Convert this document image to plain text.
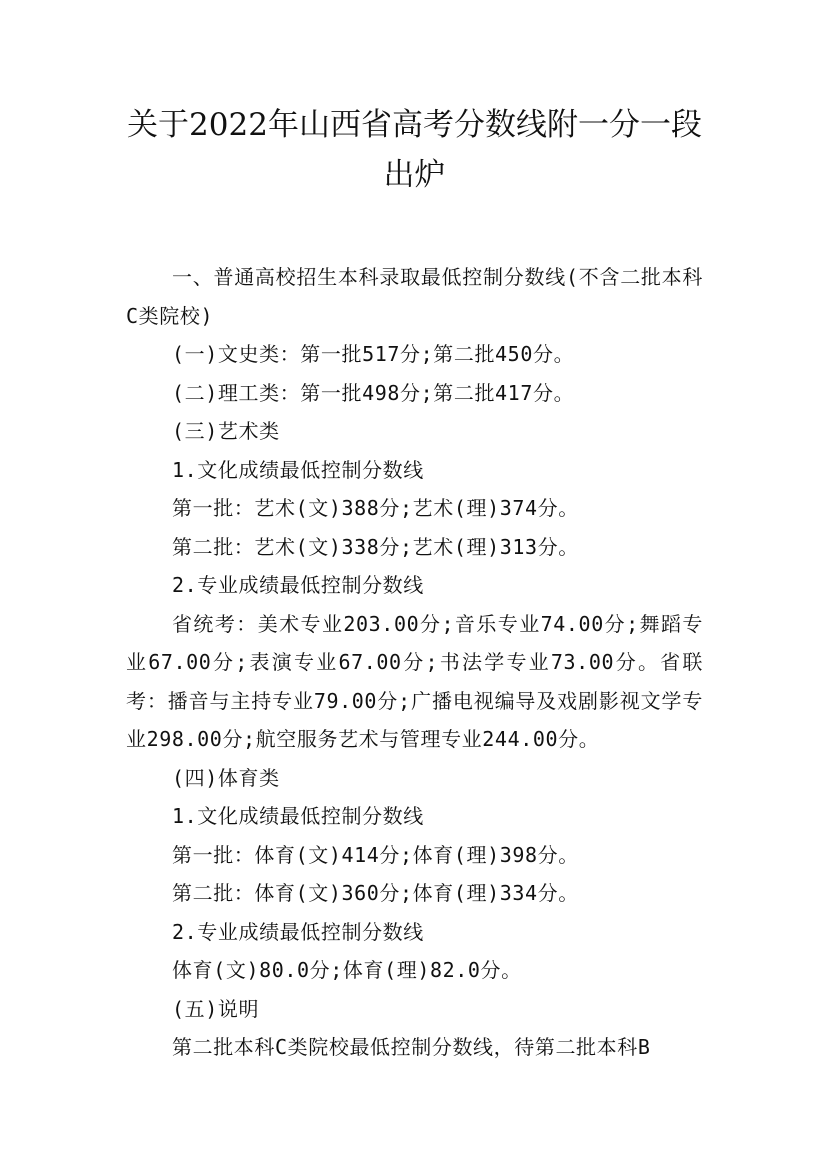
关于2022年山西省高考分数线附一分一段出炉

一、普通高校招生本科录取最低控制分数线(不含二批本科C类院校)

(一)文史类：第一批517分;第二批450分。

(二)理工类：第一批498分;第二批417分。

(三)艺术类

1.文化成绩最低控制分数线

第一批：艺术(文)388分;艺术(理)374分。

第二批：艺术(文)338分;艺术(理)313分。

2.专业成绩最低控制分数线

省统考：美术专业203.00分;音乐专业74.00分;舞蹈专业67.00分;表演专业67.00分;书法学专业73.00分。省联考：播音与主持专业79.00分;广播电视编导及戏剧影视文学专业298.00分;航空服务艺术与管理专业244.00分。

(四)体育类

1.文化成绩最低控制分数线

第一批：体育(文)414分;体育(理)398分。

第二批：体育(文)360分;体育(理)334分。

2.专业成绩最低控制分数线

体育(文)80.0分;体育(理)82.0分。

(五)说明

第二批本科C类院校最低控制分数线，待第二批本科B
